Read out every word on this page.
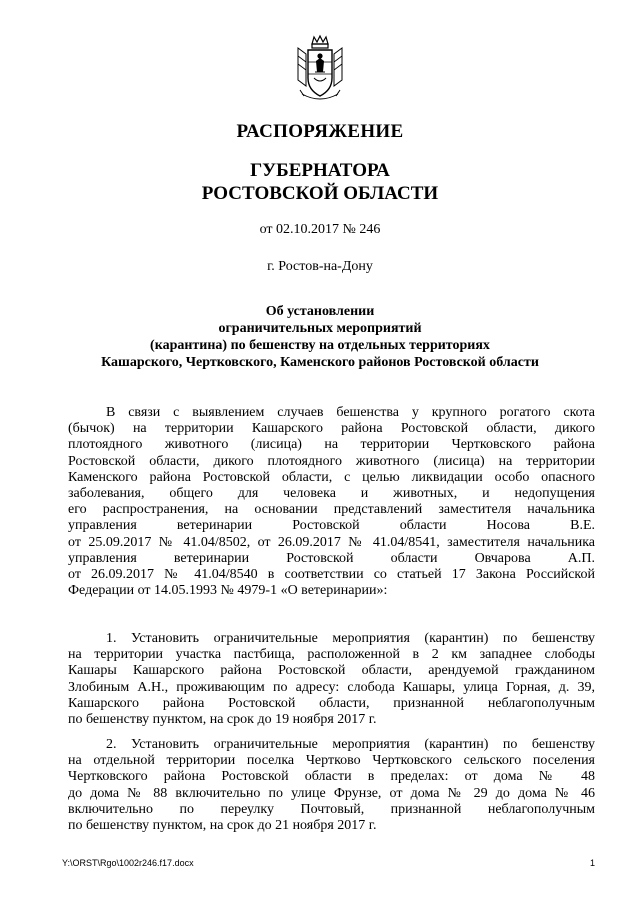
РАСПОРЯЖЕНИЕ
ГУБЕРНАТОРА
РОСТОВСКОЙ ОБЛАСТИ
от 02.10.2017 № 246
г. Ростов-на-Дону
Об установлении
ограничительных мероприятий
(карантина) по бешенству на отдельных территориях
Кашарского, Чертковского, Каменского районов Ростовской области
В связи с выявлением случаев бешенства у крупного рогатого скота
(бычок) на территории Кашарского района Ростовской области, дикого
плотоядного животного (лисица) на территории Чертковского района
Ростовской области, дикого плотоядного животного (лисица) на территории
Каменского района Ростовской области, с целью ликвидации особо опасного
заболевания, общего для человека и животных, и недопущения
его распространения, на основании представлений заместителя начальника
управления ветеринарии Ростовской области Носова В.Е.
от 25.09.2017 № 41.04/8502, от 26.09.2017 № 41.04/8541, заместителя начальника
управления ветеринарии Ростовской области Овчарова А.П.
от 26.09.2017 № 41.04/8540 в соответствии со статьей 17 Закона Российской
Федерации от 14.05.1993 № 4979-1 «О ветеринарии»:
1. Установить ограничительные мероприятия (карантин) по бешенству
на территории участка пастбища, расположенной в 2 км западнее слободы
Кашары Кашарского района Ростовской области, арендуемой гражданином
Злобиным А.Н., проживающим по адресу: слобода Кашары, улица Горная, д. 39,
Кашарского района Ростовской области, признанной неблагополучным
по бешенству пунктом, на срок до 19 ноября 2017 г.
2. Установить ограничительные мероприятия (карантин) по бешенству
на отдельной территории поселка Чертково Чертковского сельского поселения
Чертковского района Ростовской области в пределах: от дома № 48
до дома № 88 включительно по улице Фрунзе, от дома № 29 до дома № 46
включительно по переулку Почтовый, признанной неблагополучным
по бешенству пунктом, на срок до 21 ноября 2017 г.
Y:\ORST\Rgo\1002r246.f17.docx	1
